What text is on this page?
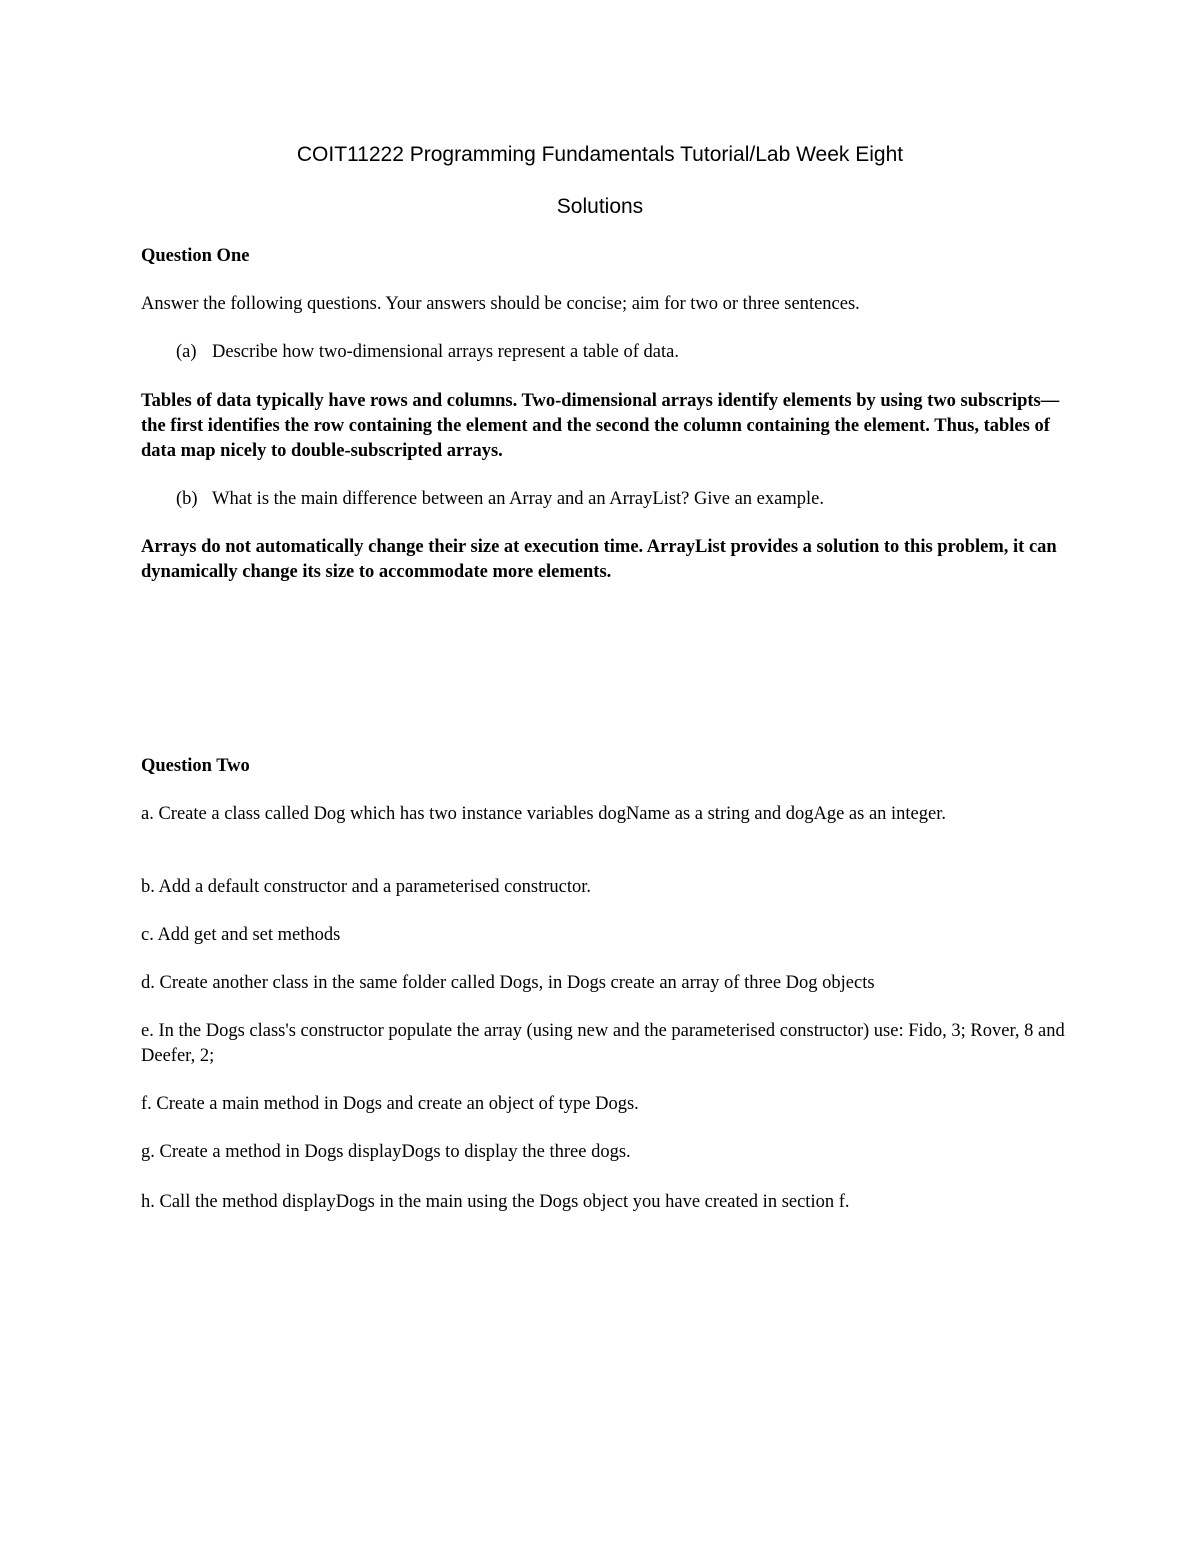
COIT11222 Programming Fundamentals Tutorial/Lab Week Eight
Solutions

Question One

Answer the following questions. Your answers should be concise; aim for two or three sentences.

(a) Describe how two-dimensional arrays represent a table of data.

Tables of data typically have rows and columns. Two-dimensional arrays identify elements by using two subscripts—the first identifies the row containing the element and the second the column containing the element. Thus, tables of data map nicely to double-subscripted arrays.

(b) What is the main difference between an Array and an ArrayList? Give an example.

Arrays do not automatically change their size at execution time. ArrayList provides a solution to this problem, it can dynamically change its size to accommodate more elements.

Question Two

a. Create a class called Dog which has two instance variables dogName as a string and dogAge as an integer.

b. Add a default constructor and a parameterised constructor.

c. Add get and set methods

d. Create another class in the same folder called Dogs, in Dogs create an array of three Dog objects

e. In the Dogs class's constructor populate the array (using new and the parameterised constructor) use: Fido, 3; Rover, 8 and Deefer, 2;

f. Create a main method in Dogs and create an object of type Dogs.

g. Create a method in Dogs displayDogs to display the three dogs.

h. Call the method displayDogs in the main using the Dogs object you have created in section f.
